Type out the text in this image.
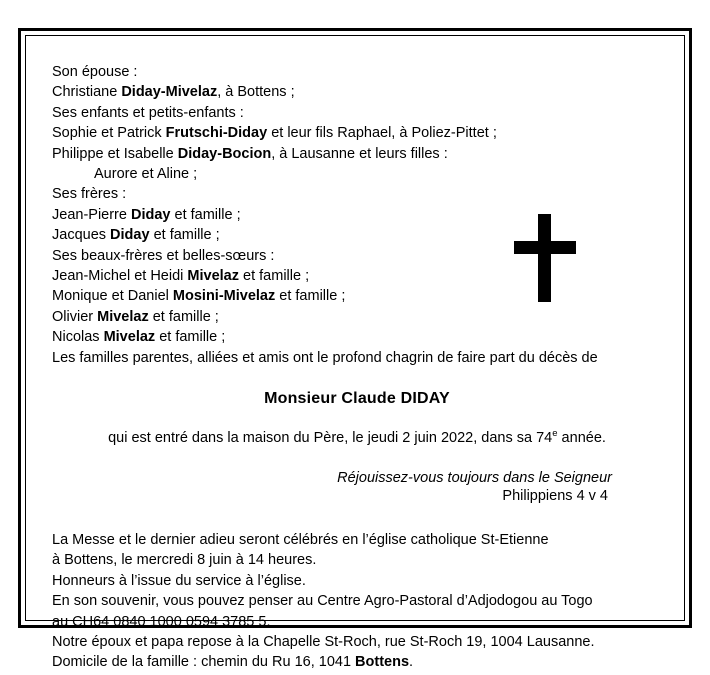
Son épouse :
Christiane Diday-Mivelaz, à Bottens ;
Ses enfants et petits-enfants :
Sophie et Patrick Frutschi-Diday et leur fils Raphael, à Poliez-Pittet ;
Philippe et Isabelle Diday-Bocion, à Lausanne et leurs filles :
Aurore et Aline ;
Ses frères :
Jean-Pierre Diday et famille ;
Jacques Diday et famille ;
Ses beaux-frères et belles-sœurs :
Jean-Michel et Heidi Mivelaz et famille ;
Monique et Daniel Mosini-Mivelaz et famille ;
Olivier Mivelaz et famille ;
Nicolas Mivelaz et famille ;
Les familles parentes, alliées et amis ont le profond chagrin de faire part du décès de
Monsieur Claude DIDAY
qui est entré dans la maison du Père, le jeudi 2 juin 2022, dans sa 74e année.
Réjouissez-vous toujours dans le Seigneur
Philippiens 4 v 4
La Messe et le dernier adieu seront célébrés en l’église catholique St-Etienne
à Bottens, le mercredi 8 juin à 14 heures.
Honneurs à l’issue du service à l’église.
En son souvenir, vous pouvez penser au Centre Agro-Pastoral d’Adjodogou au Togo
au CH64 0840 1000 0594 3785 5.
Notre époux et papa repose à la Chapelle St-Roch, rue St-Roch 19, 1004 Lausanne.
Domicile de la famille : chemin du Ru 16, 1041 Bottens.
